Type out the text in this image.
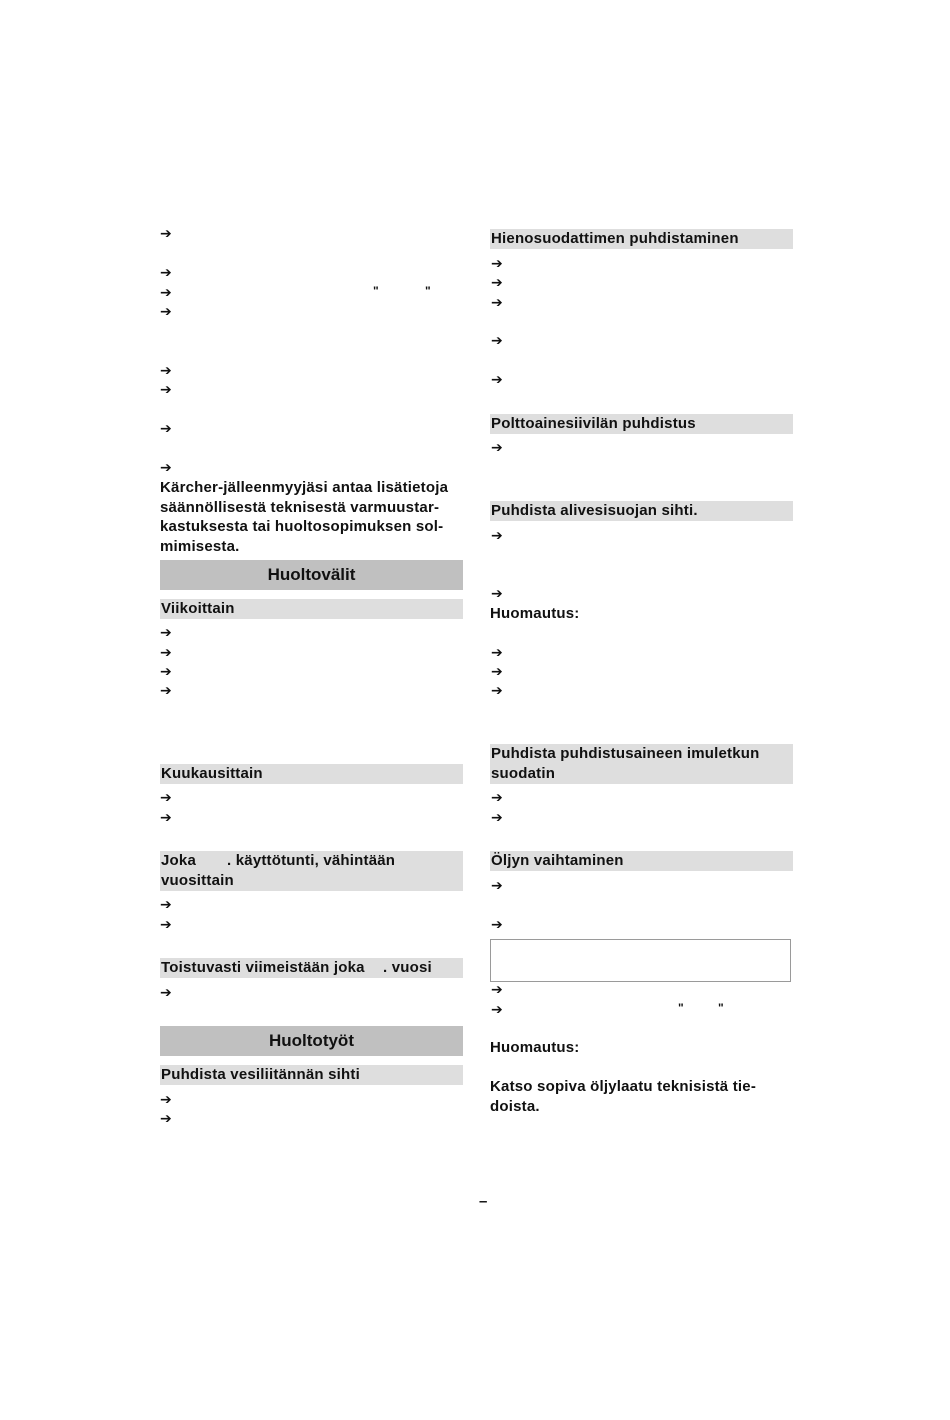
➔
➔
➔	"	"
➔
➔
➔
➔
➔
Kärcher-jälleenmyyjäsi antaa lisätietoja
säännöllisestä teknisestä varmuustar-
kastuksesta tai huoltosopimuksen sol-
mimisesta.
Huoltovälit
Viikoittain
➔
➔
➔
➔
Kuukausittain
➔
➔
Joka . käyttötunti, vähintään
vuosittain
➔
➔
Toistuvasti viimeistään joka . vuosi
➔
Huoltotyöt
Puhdista vesiliitännän sihti
➔
➔
Hienosuodattimen puhdistaminen
➔
➔
➔
➔
➔
Polttoainesiivilän puhdistus
➔
Puhdista alivesisuojan sihti.
➔
➔
Huomautus:
➔
➔
➔
Puhdista puhdistusaineen imuletkun
suodatin
➔
➔
Öljyn vaihtaminen
➔
➔
➔
➔	"	"
Huomautus:
Katso sopiva öljylaatu teknisistä tie-
doista.
–
